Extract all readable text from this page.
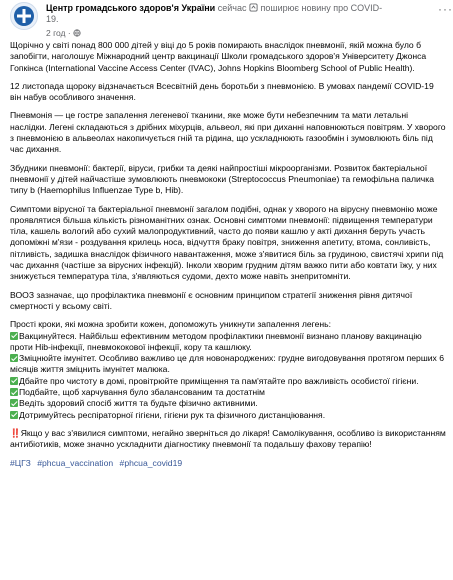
Центр громадського здоров'я України сейчас поширює новину про COVID-
19.
2 год ·

Щорічно у світі понад 800 000 дітей у віці до 5 років помирають внаслідок пневмонії, якій можна було б запобігти, наголошує Міжнародний центр вакцинації Школи громадського здоров'я Університету Джонса Гопкінса (International Vaccine Access Center (IVAC), Johns Hopkins Bloomberg School of Public Health).

12 листопада щороку відзначається Всесвітній день боротьби з пневмонією. В умовах пандемії COVID-19 він набув особливого значення.

Пневмонія — це гостре запалення легеневої тканини, яке може бути небезпечним та мати летальні наслідки. Легені складаються з дрібних міхурців, альвеол, які при диханні наповнюються повітрям. У хворого з пневмонією в альвеолах накопичується гній та рідина, що ускладнюють газообмін і зумовлюють біль під час дихання.

Збудники пневмонії: бактерії, віруси, грибки та деякі найпростіші мікроорганізми. Розвиток бактеріальної пневмонії у дітей найчастіше зумовлюють пневмококи (Streptococcus Pneumoniae) та гемофільна паличка типу b (Haemophilus Influenzae Type b, Hib).

Симптоми вірусної та бактеріальної пневмонії загалом подібні, однак у хворого на вірусну пневмонію може проявлятися більша кількість різноманітних ознак. Основні симптоми пневмонії: підвищення температури тіла, кашель вологий або сухий малопродуктивний, часто до появи кашлю у акті дихання беруть участь допоміжні м'язи - роздування крилець носа, відчуття браку повітря, зниження апетиту, втома, сонливість, пітливість, задишка внаслідок фізичного навантаження, може з'явитися біль за грудиною, свистячі хрипи під час дихання (частіше за вірусних інфекцій). Інколи хворим грудним дітям важко пити або ковтати їжу, у них знижується температура тіла, з'являються судоми, дехто може навіть знепритомніти.

ВООЗ зазначає, що профілактика пневмонії є основним принципом стратегії зниження рівня дитячої смертності у всьому світі.

Прості кроки, які можна зробити кожен, допоможуть уникнути запалення легень:
Вакцинуйтеся. Найбільш ефективним методом профілактики пневмонії визнано планову вакцинацію проти Hib-інфекції, пневмококової інфекції, кору та кашлюку.
Зміцнюйте імунітет. Особливо важливо це для новонароджених: грудне вигодовування протягом перших 6 місяців життя зміцнить імунітет малюка.
Дбайте про чистоту в домі, провітрюйте приміщення та пам'ятайте про важливість особистої гігієни.
Подбайте, щоб харчування було збалансованим та достатнім
Ведіть здоровий спосіб життя та будьте фізично активними.
Дотримуйтесь респіраторної гігієни, гігієни рук та фізичного дистанціювання.

‼️Якщо у вас з'явилися симптоми, негайно зверніться до лікаря! Самолікування, особливо із використанням антибіотиків, може значно ускладнити діагностику пневмонії та подальшу фахову терапію!

#ЦГЗ #phcua_vaccination #phcua_covid19

···
